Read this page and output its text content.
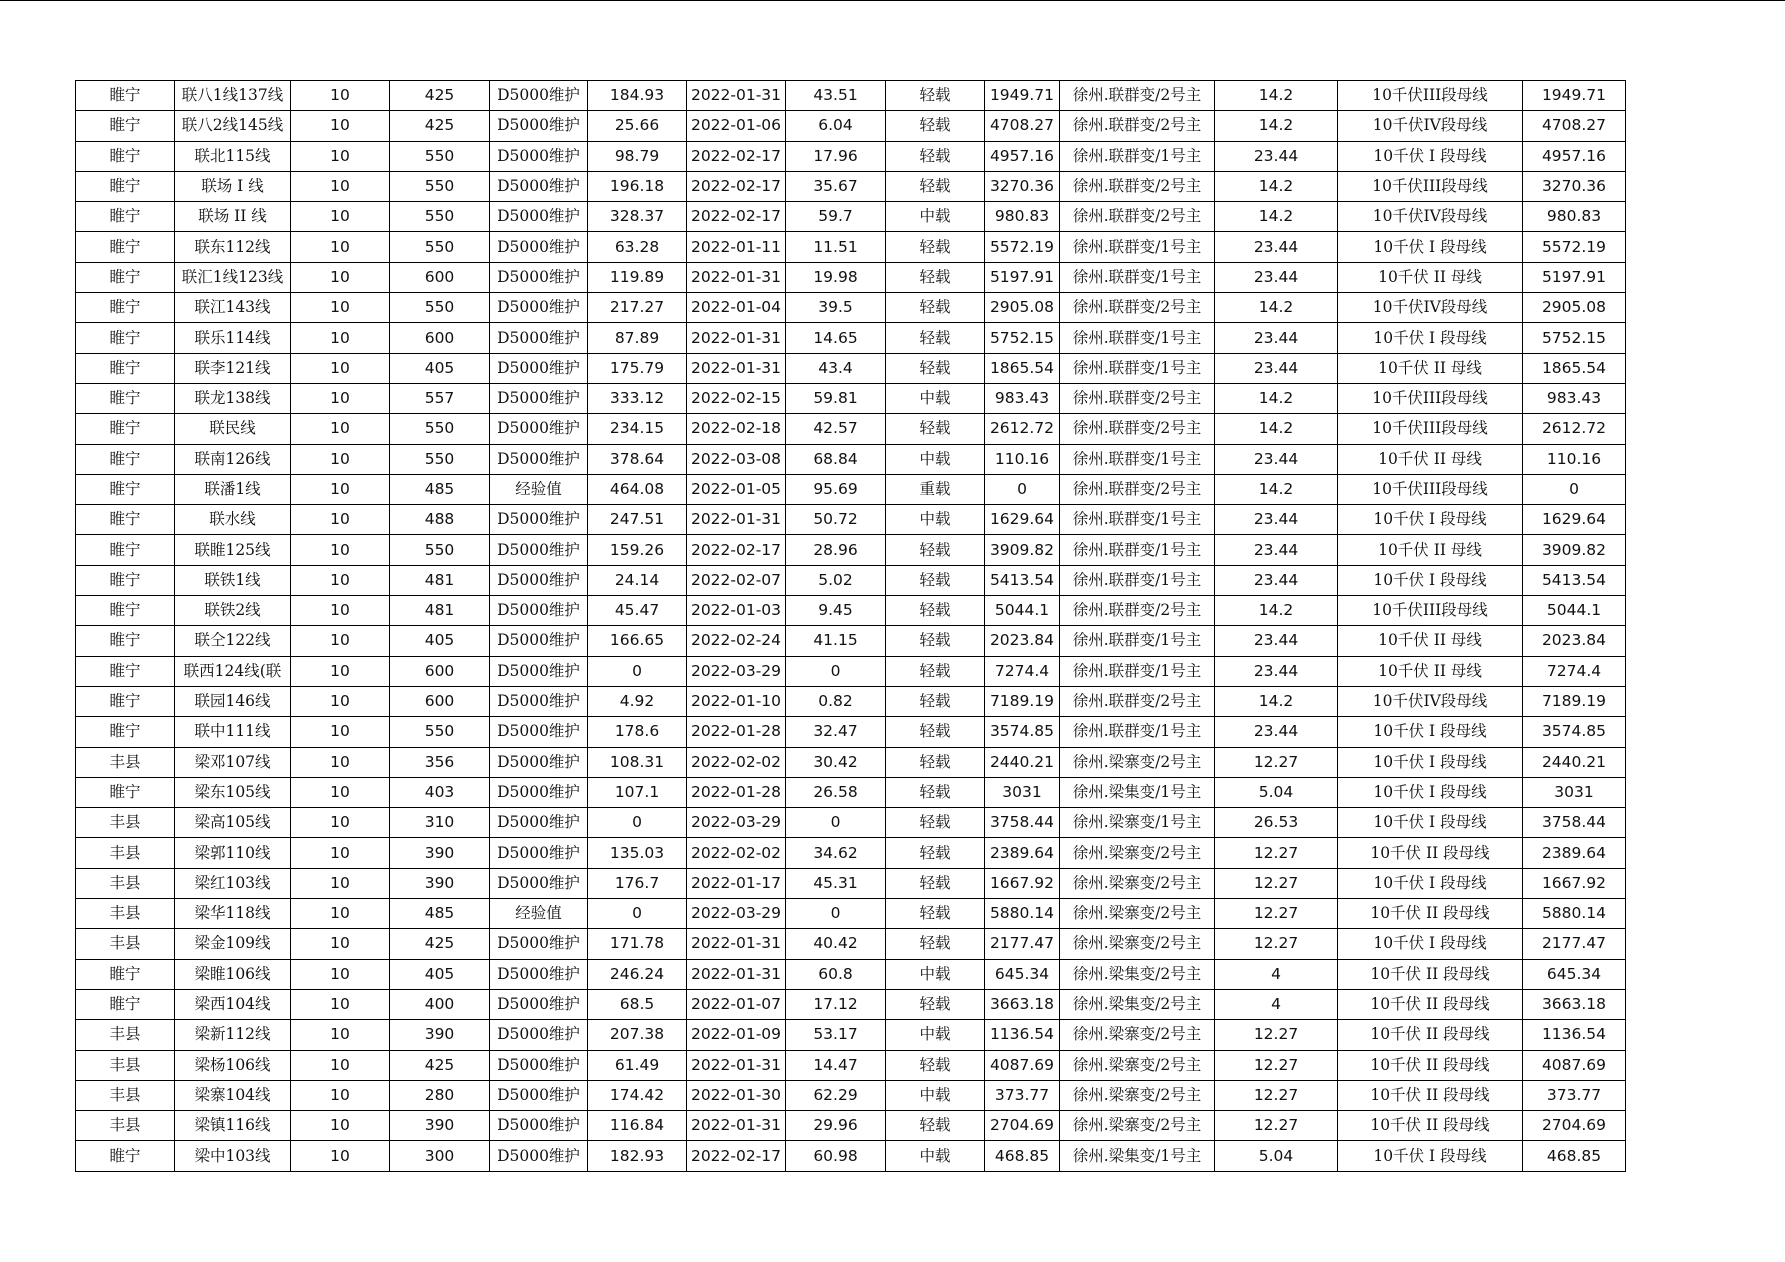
睢宁	联八1线137线	10	425	D5000维护	184.93	2022-01-31	43.51	轻载	1949.71	徐州.联群变/2号主	14.2	10千伏III段母线	1949.71
睢宁	联八2线145线	10	425	D5000维护	25.66	2022-01-06	6.04	轻载	4708.27	徐州.联群变/2号主	14.2	10千伏IV段母线	4708.27
睢宁	联北115线	10	550	D5000维护	98.79	2022-02-17	17.96	轻载	4957.16	徐州.联群变/1号主	23.44	10千伏 I 段母线	4957.16
睢宁	联场 I 线	10	550	D5000维护	196.18	2022-02-17	35.67	轻载	3270.36	徐州.联群变/2号主	14.2	10千伏III段母线	3270.36
睢宁	联场 II 线	10	550	D5000维护	328.37	2022-02-17	59.7	中载	980.83	徐州.联群变/2号主	14.2	10千伏IV段母线	980.83
睢宁	联东112线	10	550	D5000维护	63.28	2022-01-11	11.51	轻载	5572.19	徐州.联群变/1号主	23.44	10千伏 I 段母线	5572.19
睢宁	联汇1线123线	10	600	D5000维护	119.89	2022-01-31	19.98	轻载	5197.91	徐州.联群变/1号主	23.44	10千伏 II 母线	5197.91
睢宁	联江143线	10	550	D5000维护	217.27	2022-01-04	39.5	轻载	2905.08	徐州.联群变/2号主	14.2	10千伏IV段母线	2905.08
睢宁	联乐114线	10	600	D5000维护	87.89	2022-01-31	14.65	轻载	5752.15	徐州.联群变/1号主	23.44	10千伏 I 段母线	5752.15
睢宁	联李121线	10	405	D5000维护	175.79	2022-01-31	43.4	轻载	1865.54	徐州.联群变/1号主	23.44	10千伏 II 母线	1865.54
睢宁	联龙138线	10	557	D5000维护	333.12	2022-02-15	59.81	中载	983.43	徐州.联群变/2号主	14.2	10千伏III段母线	983.43
睢宁	联民线	10	550	D5000维护	234.15	2022-02-18	42.57	轻载	2612.72	徐州.联群变/2号主	14.2	10千伏III段母线	2612.72
睢宁	联南126线	10	550	D5000维护	378.64	2022-03-08	68.84	中载	110.16	徐州.联群变/1号主	23.44	10千伏 II 母线	110.16
睢宁	联潘1线	10	485	经验值	464.08	2022-01-05	95.69	重载	0	徐州.联群变/2号主	14.2	10千伏III段母线	0
睢宁	联水线	10	488	D5000维护	247.51	2022-01-31	50.72	中载	1629.64	徐州.联群变/1号主	23.44	10千伏 I 段母线	1629.64
睢宁	联睢125线	10	550	D5000维护	159.26	2022-02-17	28.96	轻载	3909.82	徐州.联群变/1号主	23.44	10千伏 II 母线	3909.82
睢宁	联铁1线	10	481	D5000维护	24.14	2022-02-07	5.02	轻载	5413.54	徐州.联群变/1号主	23.44	10千伏 I 段母线	5413.54
睢宁	联铁2线	10	481	D5000维护	45.47	2022-01-03	9.45	轻载	5044.1	徐州.联群变/2号主	14.2	10千伏III段母线	5044.1
睢宁	联仝122线	10	405	D5000维护	166.65	2022-02-24	41.15	轻载	2023.84	徐州.联群变/1号主	23.44	10千伏 II 母线	2023.84
睢宁	联西124线(联	10	600	D5000维护	0	2022-03-29	0	轻载	7274.4	徐州.联群变/1号主	23.44	10千伏 II 母线	7274.4
睢宁	联园146线	10	600	D5000维护	4.92	2022-01-10	0.82	轻载	7189.19	徐州.联群变/2号主	14.2	10千伏IV段母线	7189.19
睢宁	联中111线	10	550	D5000维护	178.6	2022-01-28	32.47	轻载	3574.85	徐州.联群变/1号主	23.44	10千伏 I 段母线	3574.85
丰县	梁邓107线	10	356	D5000维护	108.31	2022-02-02	30.42	轻载	2440.21	徐州.梁寨变/2号主	12.27	10千伏 I 段母线	2440.21
睢宁	梁东105线	10	403	D5000维护	107.1	2022-01-28	26.58	轻载	3031	徐州.梁集变/1号主	5.04	10千伏 I 段母线	3031
丰县	梁高105线	10	310	D5000维护	0	2022-03-29	0	轻载	3758.44	徐州.梁寨变/1号主	26.53	10千伏 I 段母线	3758.44
丰县	梁郭110线	10	390	D5000维护	135.03	2022-02-02	34.62	轻载	2389.64	徐州.梁寨变/2号主	12.27	10千伏 II 段母线	2389.64
丰县	梁红103线	10	390	D5000维护	176.7	2022-01-17	45.31	轻载	1667.92	徐州.梁寨变/2号主	12.27	10千伏 I 段母线	1667.92
丰县	梁华118线	10	485	经验值	0	2022-03-29	0	轻载	5880.14	徐州.梁寨变/2号主	12.27	10千伏 II 段母线	5880.14
丰县	梁金109线	10	425	D5000维护	171.78	2022-01-31	40.42	轻载	2177.47	徐州.梁寨变/2号主	12.27	10千伏 I 段母线	2177.47
睢宁	梁睢106线	10	405	D5000维护	246.24	2022-01-31	60.8	中载	645.34	徐州.梁集变/2号主	4	10千伏 II 段母线	645.34
睢宁	梁西104线	10	400	D5000维护	68.5	2022-01-07	17.12	轻载	3663.18	徐州.梁集变/2号主	4	10千伏 II 段母线	3663.18
丰县	梁新112线	10	390	D5000维护	207.38	2022-01-09	53.17	中载	1136.54	徐州.梁寨变/2号主	12.27	10千伏 II 段母线	1136.54
丰县	梁杨106线	10	425	D5000维护	61.49	2022-01-31	14.47	轻载	4087.69	徐州.梁寨变/2号主	12.27	10千伏 II 段母线	4087.69
丰县	梁寨104线	10	280	D5000维护	174.42	2022-01-30	62.29	中载	373.77	徐州.梁寨变/2号主	12.27	10千伏 II 段母线	373.77
丰县	梁镇116线	10	390	D5000维护	116.84	2022-01-31	29.96	轻载	2704.69	徐州.梁寨变/2号主	12.27	10千伏 II 段母线	2704.69
睢宁	梁中103线	10	300	D5000维护	182.93	2022-02-17	60.98	中载	468.85	徐州.梁集变/1号主	5.04	10千伏 I 段母线	468.85
